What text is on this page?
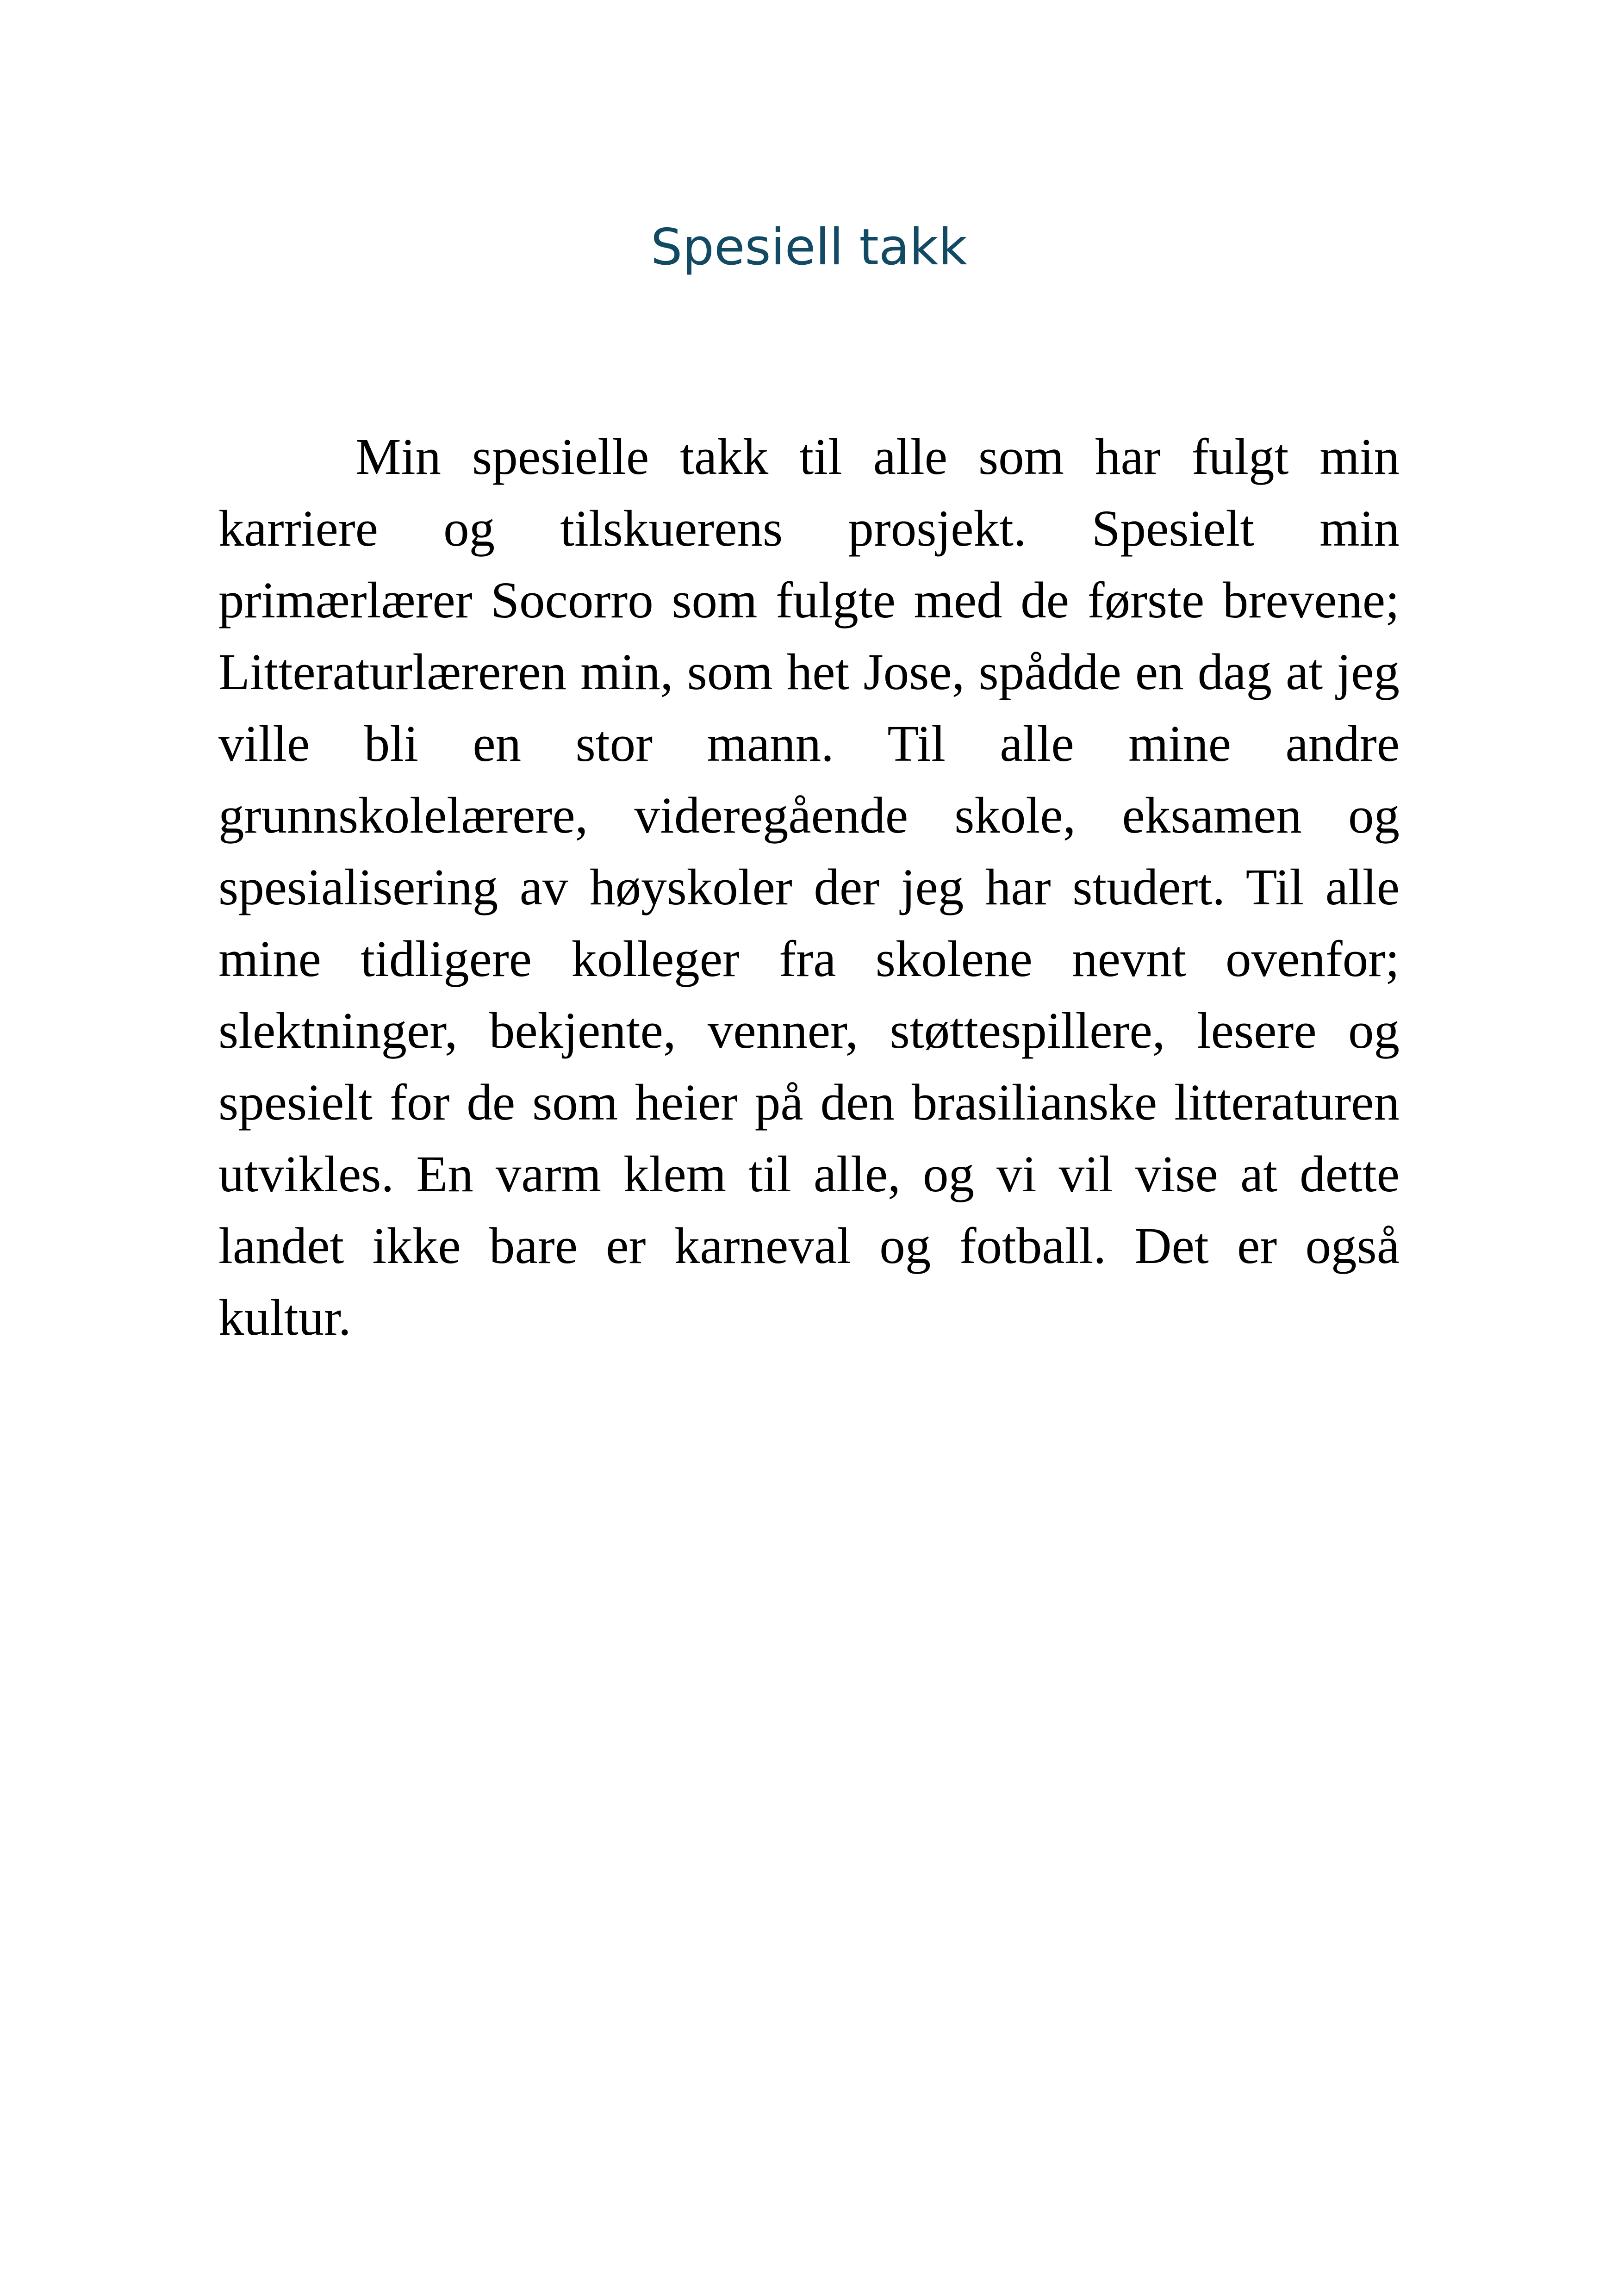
Spesiell takk

Min spesielle takk til alle som har fulgt min karriere og tilskuerens prosjekt. Spesielt min primærlærer Socorro som fulgte med de første brevene; Litteraturlæreren min, som het Jose, spådde en dag at jeg ville bli en stor mann. Til alle mine andre grunnskolelærere, videregående skole, eksamen og spesialisering av høyskoler der jeg har studert. Til alle mine tidligere kolleger fra skolene nevnt ovenfor; slektninger, bekjente, venner, støttespillere, lesere og spesielt for de som heier på den brasilianske litteraturen utvikles. En varm klem til alle, og vi vil vise at dette landet ikke bare er karneval og fotball. Det er også kultur.
